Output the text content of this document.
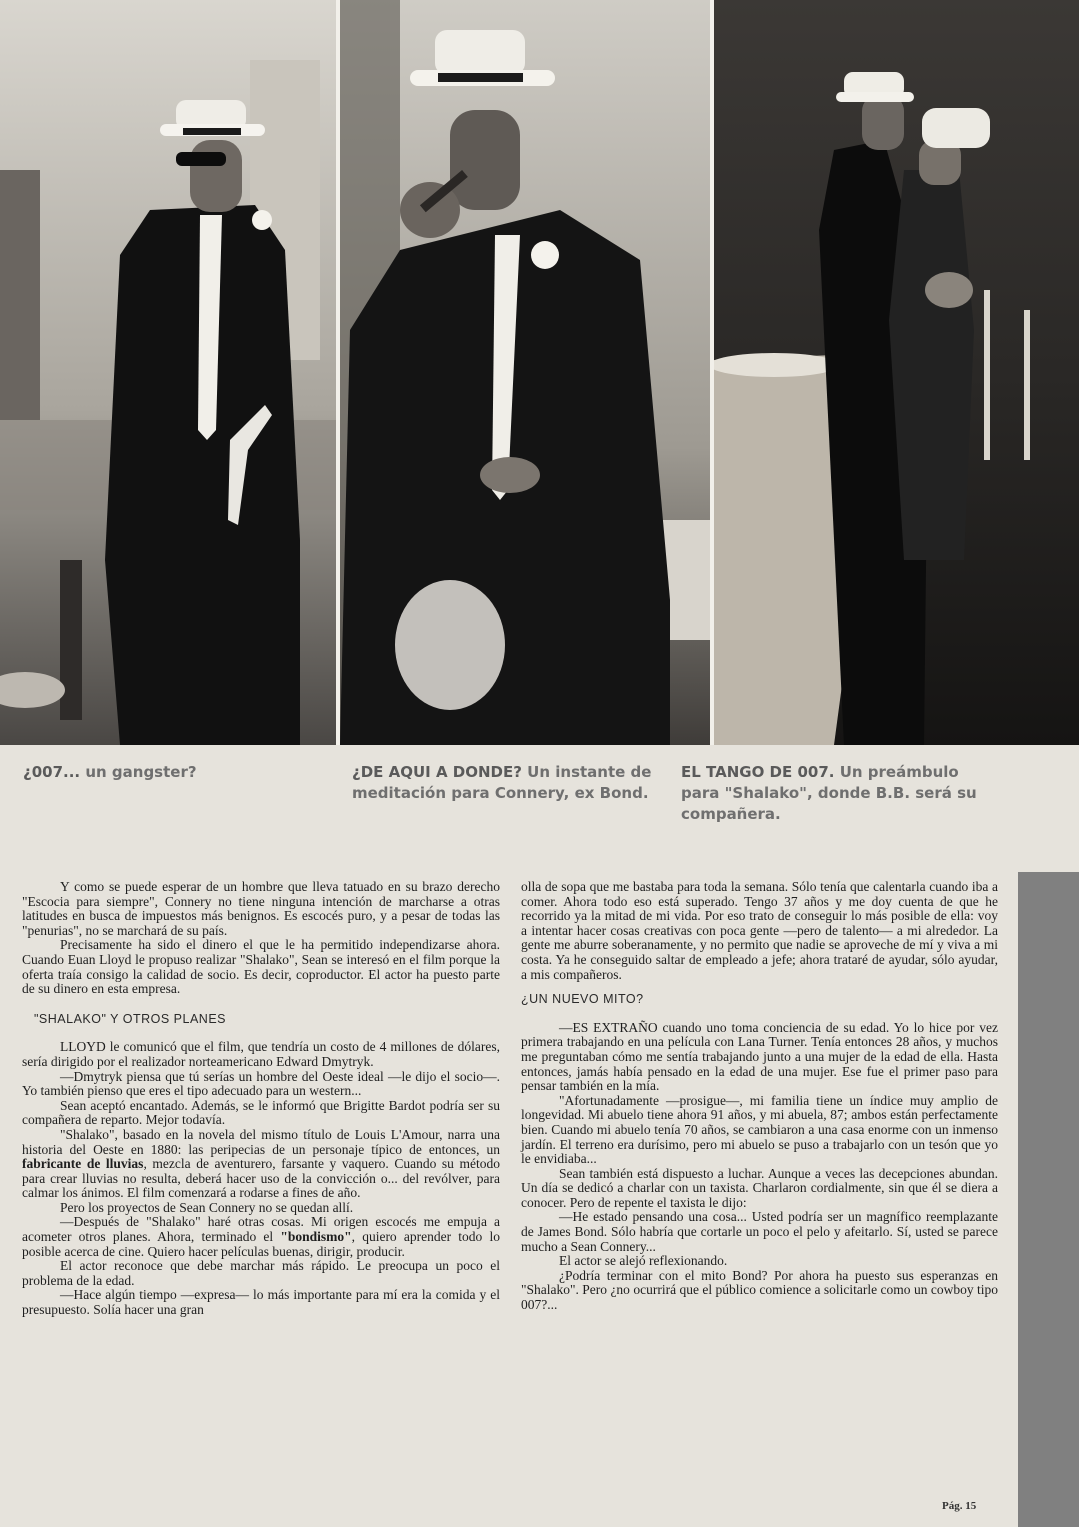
¿007... un gangster?	¿DE AQUI A DONDE? Un instante de meditación para Connery, ex Bond.
EL TANGO DE 007. Un preámbulo para "Shalako", donde B.B. será su compañera.

Y como se puede esperar de un hombre que lleva tatuado en su brazo derecho "Escocia para siempre", Connery no tiene ninguna intención de marcharse a otras latitudes en busca de impuestos más benignos. Es escocés puro, y a pesar de todas las "penurias", no se marchará de su país.

Precisamente ha sido el dinero el que le ha permitido independizarse ahora. Cuando Euan Lloyd le propuso realizar "Shalako", Sean se interesó en el film porque la oferta traía consigo la calidad de socio. Es decir, coproductor. El actor ha puesto parte de su dinero en esta empresa.

"SHALAKO" Y OTROS PLANES

LLOYD le comunicó que el film, que tendría un costo de 4 millones de dólares, sería dirigido por el realizador norteamericano Edward Dmytryk.

—Dmytryk piensa que tú serías un hombre del Oeste ideal —le dijo el socio—. Yo también pienso que eres el tipo adecuado para un western...

Sean aceptó encantado. Además, se le informó que Brigitte Bardot podría ser su compañera de reparto. Mejor todavía.

"Shalako", basado en la novela del mismo título de Louis L'Amour, narra una historia del Oeste en 1880: las peripecias de un personaje típico de entonces, un fabricante de lluvias, mezcla de aventurero, farsante y vaquero. Cuando su método para crear lluvias no resulta, deberá hacer uso de la convicción o... del revólver, para calmar los ánimos. El film comenzará a rodarse a fines de año.

Pero los proyectos de Sean Connery no se quedan allí.

—Después de "Shalako" haré otras cosas. Mi origen escocés me empuja a acometer otros planes. Ahora, terminado el "bondismo", quiero aprender todo lo posible acerca de cine. Quiero hacer películas buenas, dirigir, producir.

El actor reconoce que debe marchar más rápido. Le preocupa un poco el problema de la edad.

—Hace algún tiempo —expresa— lo más importante para mí era la comida y el presupuesto. Solía hacer una gran

olla de sopa que me bastaba para toda la semana. Sólo tenía que calentarla cuando iba a comer. Ahora todo eso está superado. Tengo 37 años y me doy cuenta de que he recorrido ya la mitad de mi vida. Por eso trato de conseguir lo más posible de ella: voy a intentar hacer cosas creativas con poca gente —pero de talento— a mi alrededor. La gente me aburre soberanamente, y no permito que nadie se aproveche de mí y viva a mi costa. Ya he conseguido saltar de empleado a jefe; ahora trataré de ayudar, sólo ayudar, a mis compañeros.

¿UN NUEVO MITO?

—ES EXTRAÑO cuando uno toma conciencia de su edad. Yo lo hice por vez primera trabajando en una película con Lana Turner. Tenía entonces 28 años, y muchos me preguntaban cómo me sentía trabajando junto a una mujer de la edad de ella. Hasta entonces, jamás había pensado en la edad de una mujer. Ese fue el primer paso para pensar también en la mía.

"Afortunadamente —prosigue—, mi familia tiene un índice muy amplio de longevidad. Mi abuelo tiene ahora 91 años, y mi abuela, 87; ambos están perfectamente bien. Cuando mi abuelo tenía 70 años, se cambiaron a una casa enorme con un inmenso jardín. El terreno era durísimo, pero mi abuelo se puso a trabajarlo con un tesón que yo le envidiaba...

Sean también está dispuesto a luchar. Aunque a veces las decepciones abundan. Un día se dedicó a charlar con un taxista. Charlaron cordialmente, sin que él se diera a conocer. Pero de repente el taxista le dijo:

—He estado pensando una cosa... Usted podría ser un magnífico reemplazante de James Bond. Sólo habría que cortarle un poco el pelo y afeitarlo. Sí, usted se parece mucho a Sean Connery...

El actor se alejó reflexionando.

¿Podría terminar con el mito Bond? Por ahora ha puesto sus esperanzas en "Shalako". Pero ¿no ocurrirá que el público comience a solicitarle como un cowboy tipo 007?...

Pág. 15
